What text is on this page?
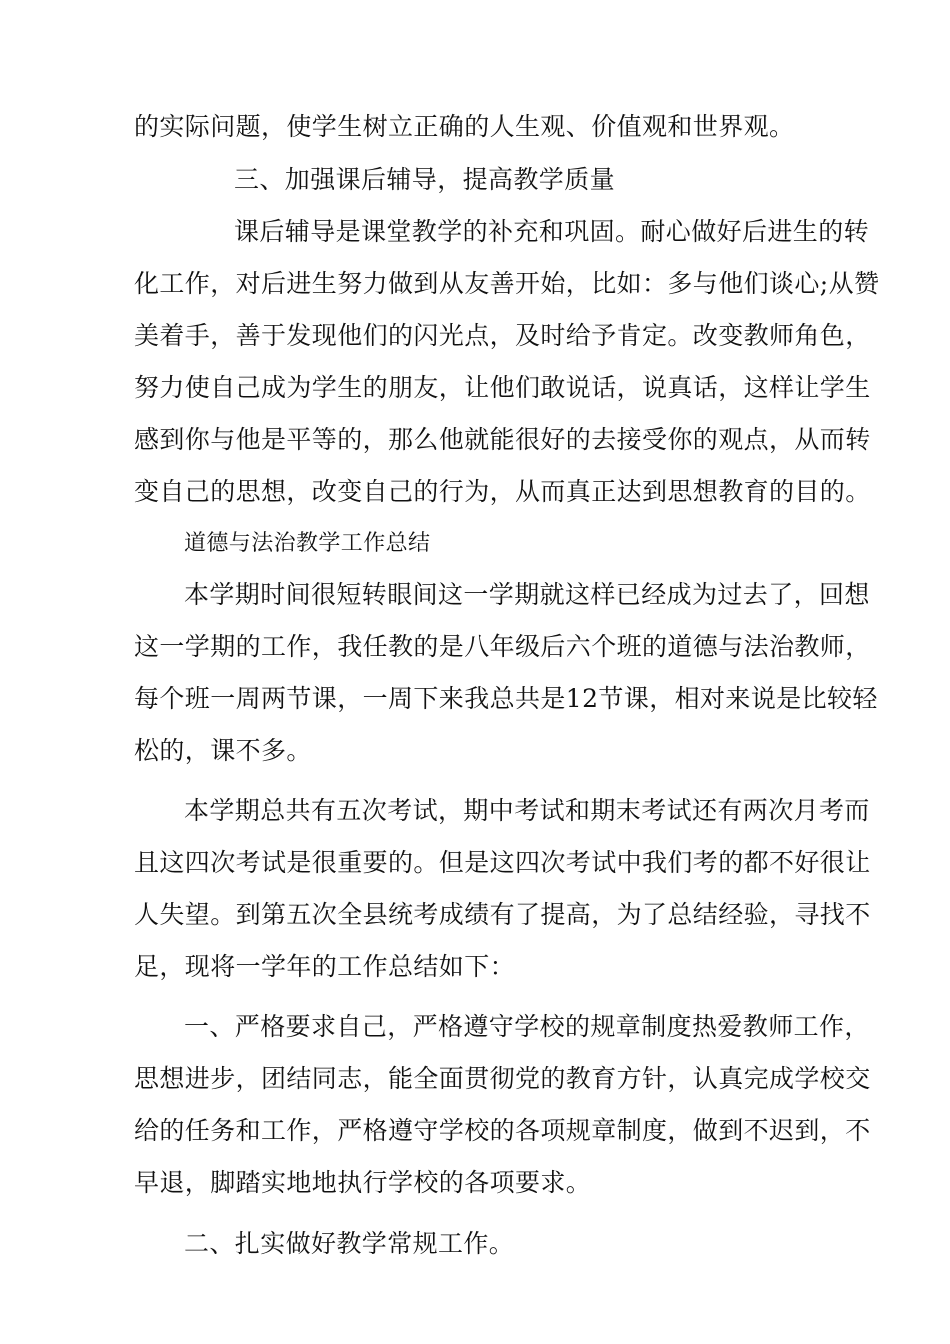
的实际问题，使学生树立正确的人生观、价值观和世界观。
三、加强课后辅导，提高教学质量
课后辅导是课堂教学的补充和巩固。耐心做好后进生的转
化工作，对后进生努力做到从友善开始，比如：多与他们谈心;从赞
美着手，善于发现他们的闪光点，及时给予肯定。改变教师角色，
努力使自己成为学生的朋友，让他们敢说话，说真话，这样让学生
感到你与他是平等的，那么他就能很好的去接受你的观点，从而转
变自己的思想，改变自己的行为，从而真正达到思想教育的目的。
道德与法治教学工作总结
本学期时间很短转眼间这一学期就这样已经成为过去了，回想
这一学期的工作，我任教的是八年级后六个班的道德与法治教师，
每个班一周两节课，一周下来我总共是12节课，相对来说是比较轻
松的，课不多。
本学期总共有五次考试，期中考试和期末考试还有两次月考而
且这四次考试是很重要的。但是这四次考试中我们考的都不好很让
人失望。到第五次全县统考成绩有了提高，为了总结经验，寻找不
足，现将一学年的工作总结如下：
一、严格要求自己，严格遵守学校的规章制度热爱教师工作，
思想进步，团结同志，能全面贯彻党的教育方针，认真完成学校交
给的任务和工作，严格遵守学校的各项规章制度，做到不迟到，不
早退，脚踏实地地执行学校的各项要求。
二、扎实做好教学常规工作。
